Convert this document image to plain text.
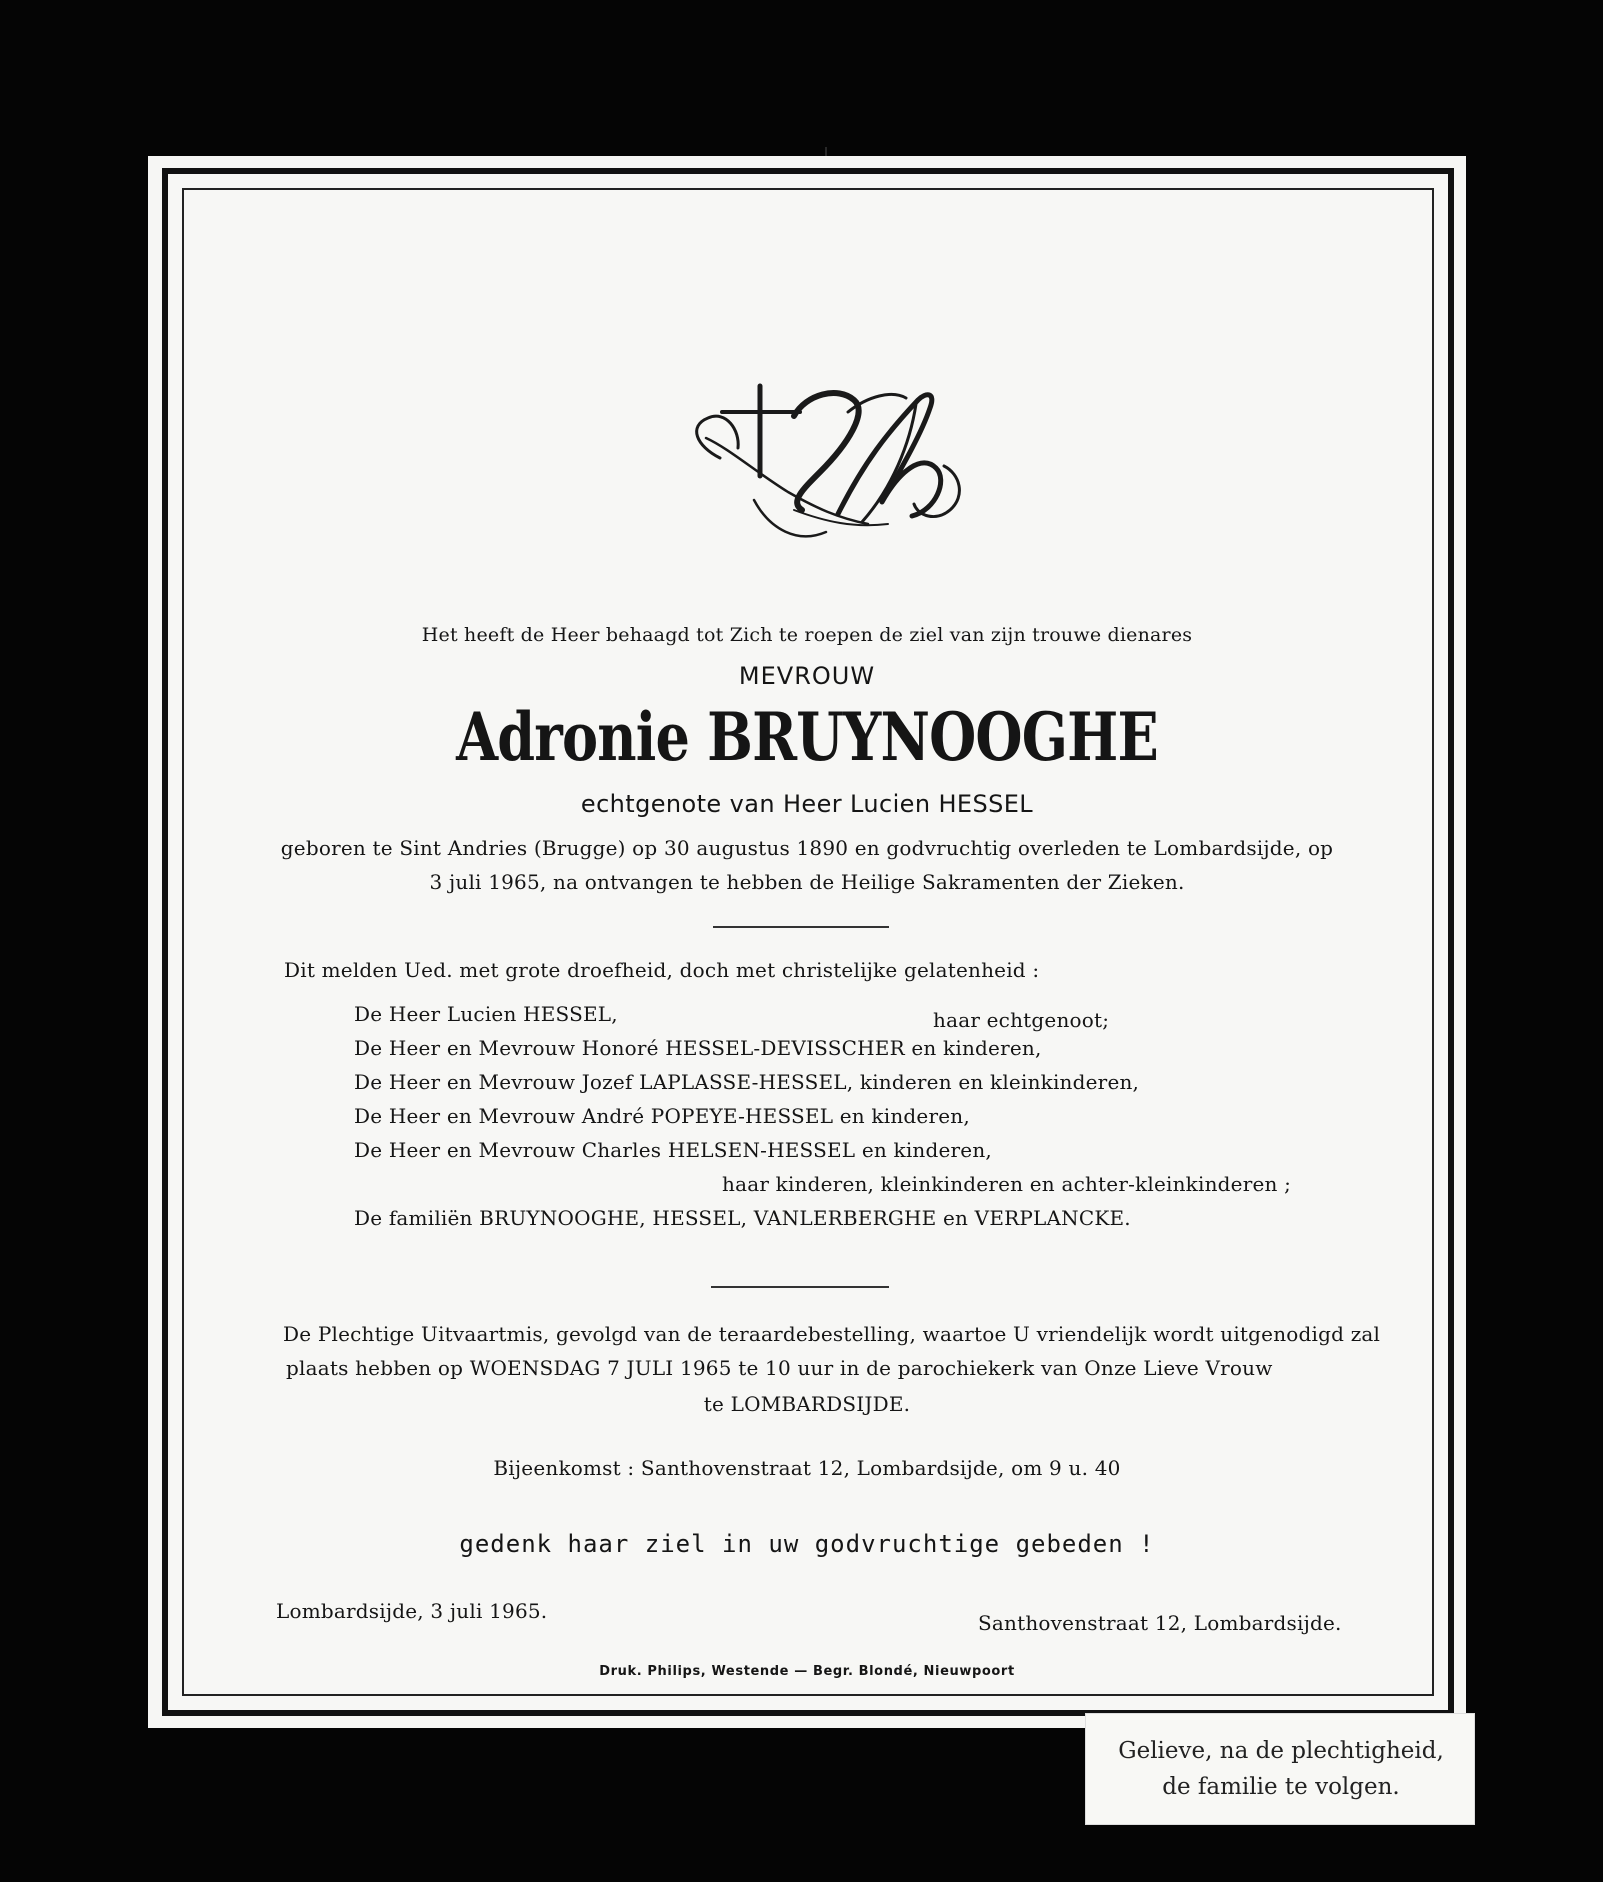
Het heeft de Heer behaagd tot Zich te roepen de ziel van zijn trouwe dienares
MEVROUW
Adronie BRUYNOOGHE
echtgenote van Heer Lucien HESSEL
geboren te Sint Andries (Brugge) op 30 augustus 1890 en godvruchtig overleden te Lombardsijde, op
3 juli 1965, na ontvangen te hebben de Heilige Sakramenten der Zieken.
Dit melden Ued. met grote droefheid, doch met christelijke gelatenheid :
De Heer Lucien HESSEL,	haar echtgenoot;
De Heer en Mevrouw Honoré HESSEL-DEVISSCHER en kinderen,
De Heer en Mevrouw Jozef LAPLASSE-HESSEL, kinderen en kleinkinderen,
De Heer en Mevrouw André POPEYE-HESSEL en kinderen,
De Heer en Mevrouw Charles HELSEN-HESSEL en kinderen,
haar kinderen, kleinkinderen en achter-kleinkinderen ;
De familiën BRUYNOOGHE, HESSEL, VANLERBERGHE en VERPLANCKE.
De Plechtige Uitvaartmis, gevolgd van de teraardebestelling, waartoe U vriendelijk wordt uitgenodigd zal
plaats hebben op WOENSDAG 7 JULI 1965 te 10 uur in de parochiekerk van Onze Lieve Vrouw
te LOMBARDSIJDE.
Bijeenkomst : Santhovenstraat 12, Lombardsijde, om 9 u. 40
gedenk haar ziel in uw godvruchtige gebeden !
Lombardsijde, 3 juli 1965.	Santhovenstraat 12, Lombardsijde.
Druk. Philips, Westende — Begr. Blondé, Nieuwpoort
Gelieve, na de plechtigheid,
de familie te volgen.
